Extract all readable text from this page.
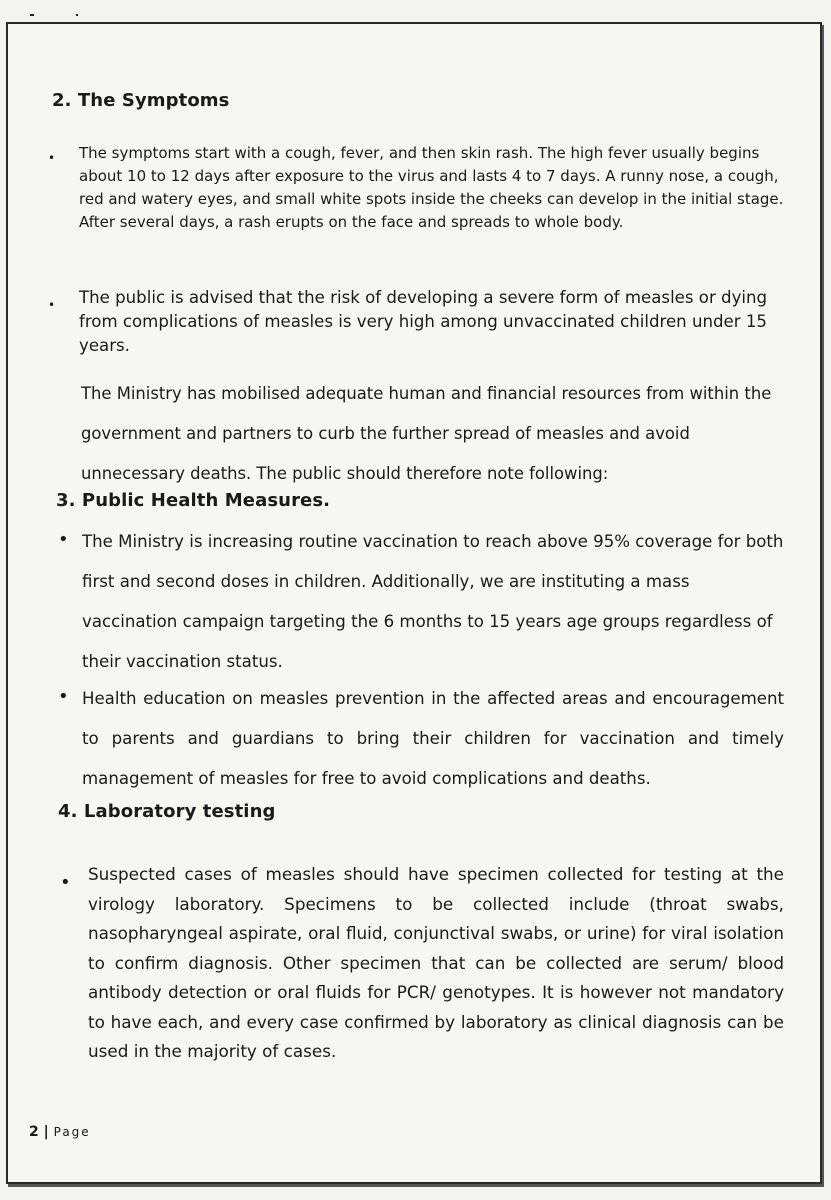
2. The Symptoms
• The symptoms start with a cough, fever, and then skin rash. The high fever usually begins about 10 to 12 days after exposure to the virus and lasts 4 to 7 days. A runny nose, a cough, red and watery eyes, and small white spots inside the cheeks can develop in the initial stage. After several days, a rash erupts on the face and spreads to whole body.

• The public is advised that the risk of developing a severe form of measles or dying from complications of measles is very high among unvaccinated children under 15 years.

The Ministry has mobilised adequate human and financial resources from within the government and partners to curb the further spread of measles and avoid unnecessary deaths. The public should therefore note following:

3. Public Health Measures.
• The Ministry is increasing routine vaccination to reach above 95% coverage for both first and second doses in children. Additionally, we are instituting a mass vaccination campaign targeting the 6 months to 15 years age groups regardless of their vaccination status.

• Health education on measles prevention in the affected areas and encouragement to parents and guardians to bring their children for vaccination and timely management of measles for free to avoid complications and deaths.

4. Laboratory testing
• Suspected cases of measles should have specimen collected for testing at the virology laboratory. Specimens to be collected include (throat swabs, nasopharyngeal aspirate, oral fluid, conjunctival swabs, or urine) for viral isolation to confirm diagnosis. Other specimen that can be collected are serum/ blood antibody detection or oral fluids for PCR/ genotypes. It is however not mandatory to have each, and every case confirmed by laboratory as clinical diagnosis can be used in the majority of cases.

2 | Page
